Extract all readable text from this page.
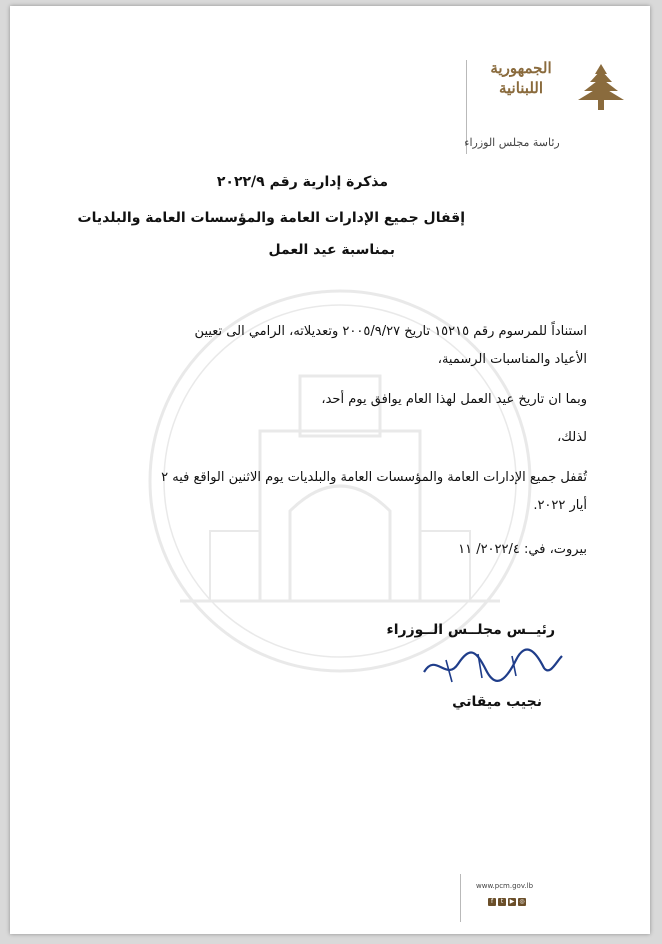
الجمهورية
اللبنانية
رئاسة مجلس الوزراء
مذكرة إدارية رقم ٢٠٢٢/٩
إقفال جميع الإدارات العامة والمؤسسات العامة والبلديات
بمناسبة عيد العمل
استناداً للمرسوم رقم ١٥٢١٥ تاريخ ٢٠٠٥/٩/٢٧ وتعديلاته، الرامي الى تعيين
الأعياد والمناسبات الرسمية،
وبما ان تاريخ عيد العمل لهذا العام يوافق يوم أحد،
لذلك،
تُقفل جميع الإدارات العامة والمؤسسات العامة والبلديات يوم الاثنين الواقع فيه ٢
أيار ٢٠٢٢.
بيروت، في: ٢٠٢٢/٤/ ١١
رئيــس مجلــس الــوزراء
نجيب ميقاتي
www.pcm.gov.lb
f	t	▶ ◎
